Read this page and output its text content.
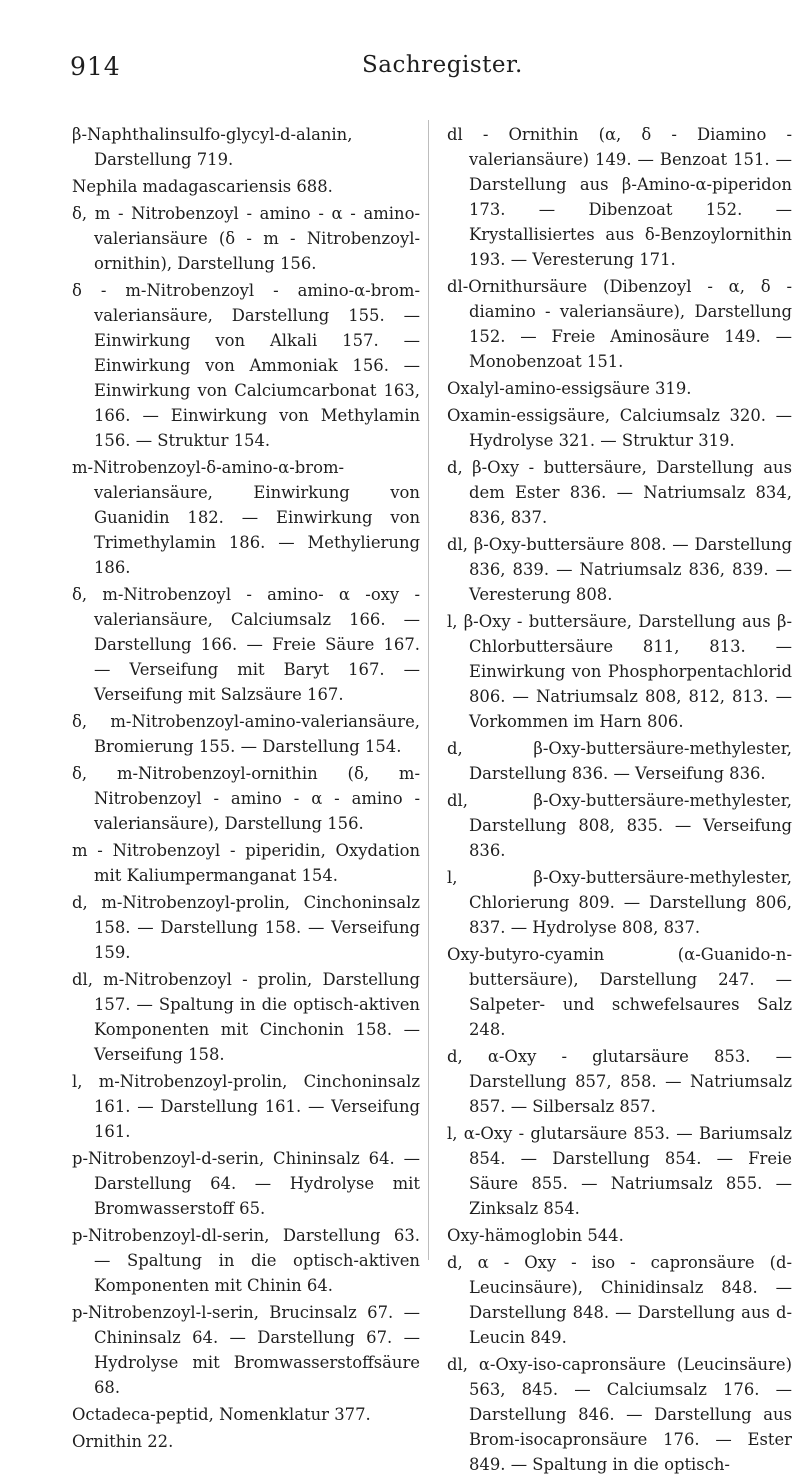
914	Sachregister.

β-Naphthalinsulfo-glycyl-d-alanin, Darstellung 719.

Nephila madagascariensis 688.

δ, m - Nitrobenzoyl - amino - α - amino-valeriansäure (δ - m - Nitrobenzoyl-ornithin), Darstellung 156.

δ - m-Nitrobenzoyl - amino-α-brom-valeriansäure, Darstellung 155. — Einwirkung von Alkali 157. — Einwirkung von Ammoniak 156. — Einwirkung von Calciumcarbonat 163, 166. — Einwirkung von Methylamin 156. — Struktur 154.

m-Nitrobenzoyl-δ-amino-α-brom-valeriansäure, Einwirkung von Guanidin 182. — Einwirkung von Trimethylamin 186. — Methylierung 186.

δ, m-Nitrobenzoyl - amino- α -oxy - valeriansäure, Calciumsalz 166. — Darstellung 166. — Freie Säure 167. — Verseifung mit Baryt 167. — Verseifung mit Salzsäure 167.

δ, m-Nitrobenzoyl-amino-valeriansäure, Bromierung 155. — Darstellung 154.

δ, m-Nitrobenzoyl-ornithin (δ, m-Nitrobenzoyl - amino - α - amino - valeriansäure), Darstellung 156.

m - Nitrobenzoyl - piperidin, Oxydation mit Kaliumpermanganat 154.

d, m-Nitrobenzoyl-prolin, Cinchoninsalz 158. — Darstellung 158. — Verseifung 159.

dl, m-Nitrobenzoyl - prolin, Darstellung 157. — Spaltung in die optisch-aktiven Komponenten mit Cinchonin 158. — Verseifung 158.

l, m-Nitrobenzoyl-prolin, Cinchoninsalz 161. — Darstellung 161. — Verseifung 161.

p-Nitrobenzoyl-d-serin, Chininsalz 64. — Darstellung 64. — Hydrolyse mit Bromwasserstoff 65.

p-Nitrobenzoyl-dl-serin, Darstellung 63. — Spaltung in die optisch-aktiven Komponenten mit Chinin 64.

p-Nitrobenzoyl-l-serin, Brucinsalz 67. — Chininsalz 64. — Darstellung 67. — Hydrolyse mit Bromwasserstoffsäure 68.

Octadeca-peptid, Nomenklatur 377.

Ornithin 22.

dl - Ornithin (α, δ - Diamino - valeriansäure) 149. — Benzoat 151. — Darstellung aus β-Amino-α-piperidon 173. — Dibenzoat 152. — Krystallisiertes aus δ-Benzoylornithin 193. — Veresterung 171.

dl-Ornithursäure (Dibenzoyl - α, δ - diamino - valeriansäure), Darstellung 152. — Freie Aminosäure 149. — Monobenzoat 151.

Oxalyl-amino-essigsäure 319.

Oxamin-essigsäure, Calciumsalz 320. — Hydrolyse 321. — Struktur 319.

d, β-Oxy - buttersäure, Darstellung aus dem Ester 836. — Natriumsalz 834, 836, 837.

dl, β-Oxy-buttersäure 808. — Darstellung 836, 839. — Natriumsalz 836, 839. — Veresterung 808.

l, β-Oxy - buttersäure, Darstellung aus β-Chlorbuttersäure 811, 813. — Einwirkung von Phosphorpentachlorid 806. — Natriumsalz 808, 812, 813. — Vorkommen im Harn 806.

d, β-Oxy-buttersäure-methylester, Darstellung 836. — Verseifung 836.

dl, β-Oxy-buttersäure-methylester, Darstellung 808, 835. — Verseifung 836.

l, β-Oxy-buttersäure-methylester, Chlorierung 809. — Darstellung 806, 837. — Hydrolyse 808, 837.

Oxy-butyro-cyamin (α-Guanido-n-buttersäure), Darstellung 247. — Salpeter- und schwefelsaures Salz 248.

d, α-Oxy - glutarsäure 853. — Darstellung 857, 858. — Natriumsalz 857. — Silbersalz 857.

l, α-Oxy - glutarsäure 853. — Bariumsalz 854. — Darstellung 854. — Freie Säure 855. — Natriumsalz 855. — Zinksalz 854.

Oxy-hämoglobin 544.

d, α - Oxy - iso - capronsäure (d-Leucinsäure), Chinidinsalz 848. — Darstellung 848. — Darstellung aus d-Leucin 849.

dl, α-Oxy-iso-capronsäure (Leucinsäure) 563, 845. — Calciumsalz 176. — Darstellung 846. — Darstellung aus Brom-isocapronsäure 176. — Ester 849. — Spaltung in die optisch-
